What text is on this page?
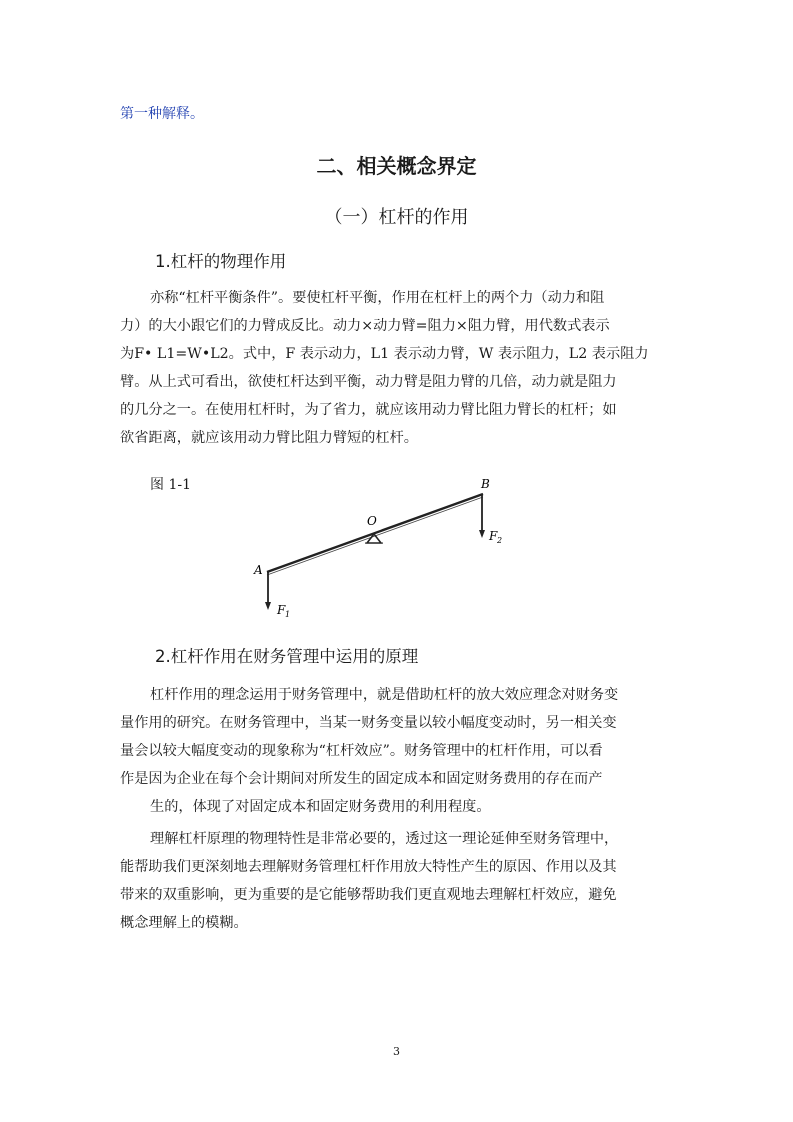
第一种解释。
二、相关概念界定
（一）杠杆的作用
1.杠杆的物理作用
亦称“杠杆平衡条件”。要使杠杆平衡，作用在杠杆上的两个力（动力和阻
力）的大小跟它们的力臂成反比。动力×动力臂=阻力×阻力臂，用代数式表示
为F• L1=W•L2。式中，F 表示动力，L1 表示动力臂，W 表示阻力，L2 表示阻力
臂。从上式可看出，欲使杠杆达到平衡，动力臂是阻力臂的几倍，动力就是阻力
的几分之一。在使用杠杆时，为了省力，就应该用动力臂比阻力臂长的杠杆；如
欲省距离，就应该用动力臂比阻力臂短的杠杆。
图 1-1
A
B
O
F 1
F 2
2.杠杆作用在财务管理中运用的原理
杠杆作用的理念运用于财务管理中，就是借助杠杆的放大效应理念对财务变
量作用的研究。在财务管理中，当某一财务变量以较小幅度变动时，另一相关变
量会以较大幅度变动的现象称为“杠杆效应”。财务管理中的杠杆作用，可以看
作是因为企业在每个会计期间对所发生的固定成本和固定财务费用的存在而产
生的，体现了对固定成本和固定财务费用的利用程度。
理解杠杆原理的物理特性是非常必要的，透过这一理论延伸至财务管理中，
能帮助我们更深刻地去理解财务管理杠杆作用放大特性产生的原因、作用以及其
带来的双重影响，更为重要的是它能够帮助我们更直观地去理解杠杆效应，避免
概念理解上的模糊。
3
